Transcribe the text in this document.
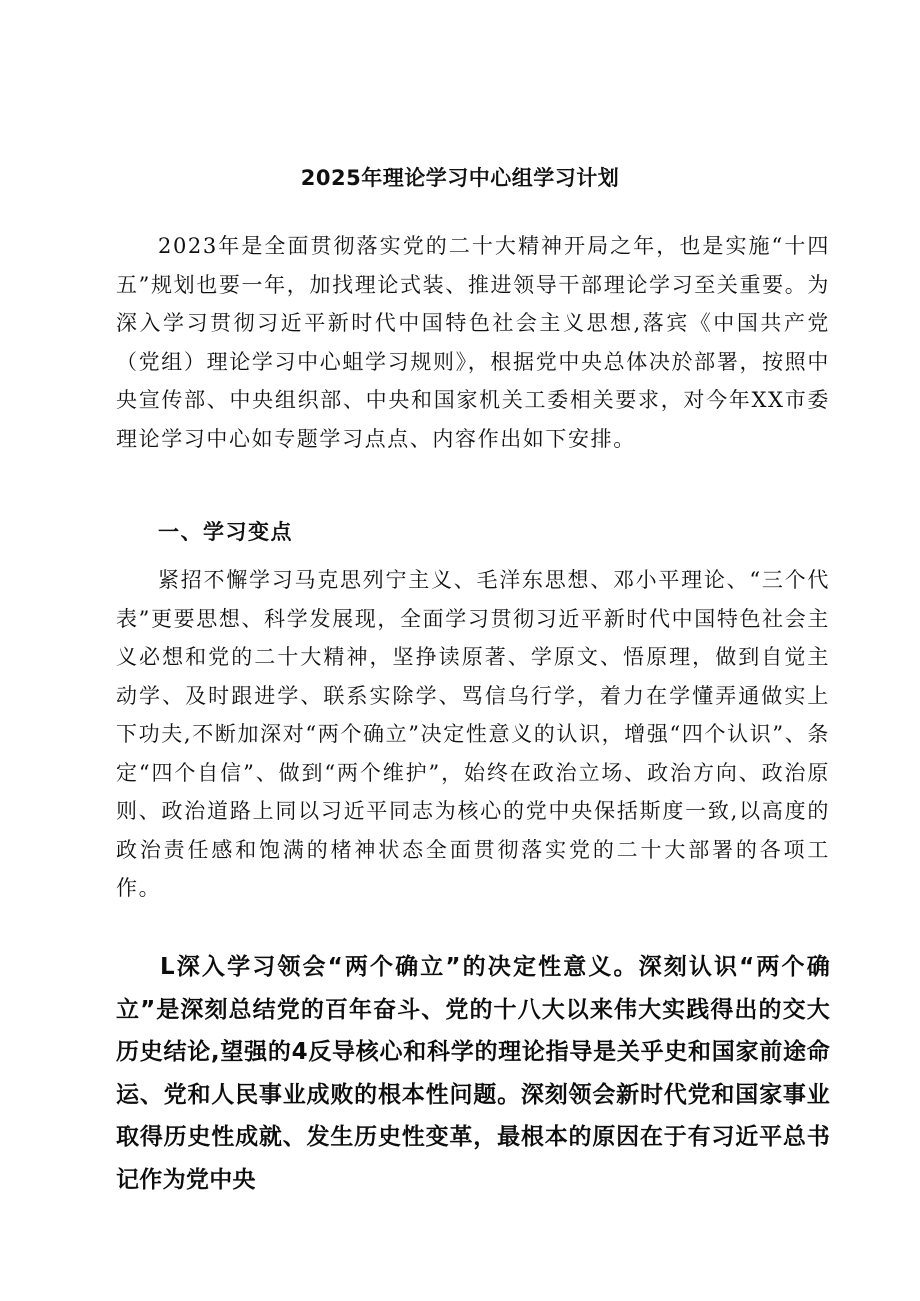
2025年理论学习中心组学习计划

2023年是全面贯彻落实党的二十大精神开局之年，也是实施“十四五”规划也要一年，加找理论式装、推进领导干部理论学习至关重要。为深入学习贯彻习近平新时代中国特色社会主义思想,落宾《中国共产党（党组）理论学习中心蛆学习规则》，根据党中央总体决於部署，按照中央宣传部、中央组织部、中央和国家机关工委相关要求，对今年XX市委理论学习中心如专题学习点点、内容作出如下安排。

一、学习变点

紧招不懈学习马克思列宁主义、毛洋东思想、邓小平理论、“三个代表”更要思想、科学发展现，全面学习贯彻习近平新时代中国特色社会主义必想和党的二十大精神，坚挣读原著、学原文、悟原理，做到自觉主动学、及时跟进学、联系实除学、骂信乌行学，着力在学懂弄通做实上下功夫,不断加深对“两个确立”决定性意义的认识，增强“四个认识”、条定“四个自信”、做到“两个维护”，始终在政治立场、政治方向、政治原则、政治道路上同以习近平同志为核心的党中央保括斯度一致,以高度的政治责任感和饱满的楮神状态全面贯彻落实党的二十大部署的各项工作。

L深入学习领会“两个确立”的决定性意义。深刻认识“两个确立”是深刻总结党的百年奋斗、党的十八大以来伟大实践得出的交大历史结论,望强的4反导核心和科学的理论指导是关乎史和国家前途命运、党和人民事业成败的根本性问题。深刻领会新时代党和国家事业取得历史性成就、发生历史性变革，最根本的原因在于有习近平总书记作为党中央
